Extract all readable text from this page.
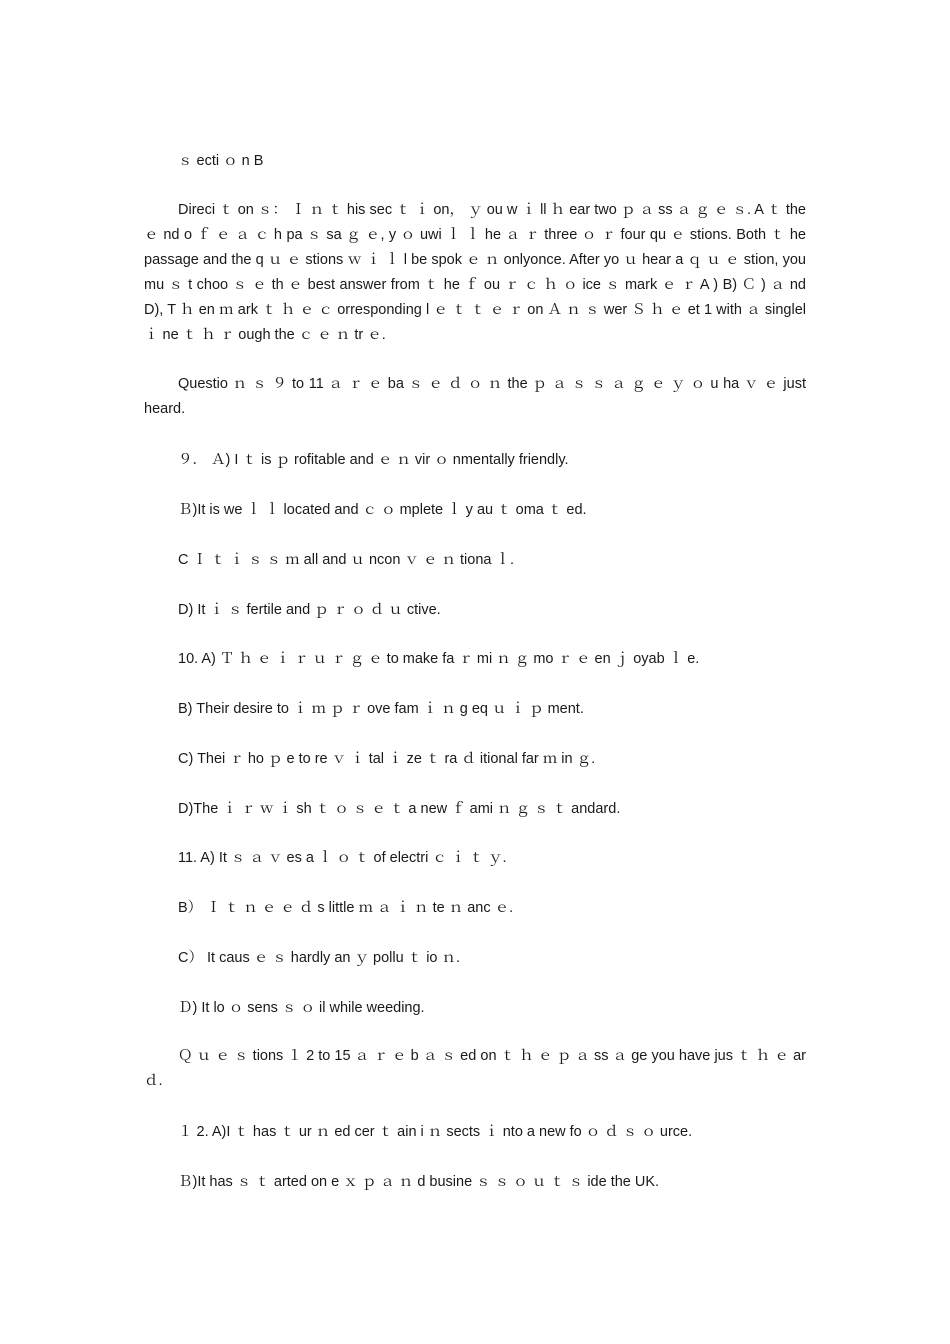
ｓ ecti ｏ n B
Direci ｔ on ｓ： Ｉ ｎ ｔ his sec ｔ ｉ on， ｙ ou w ｉ ll ｈ ear two ｐ ａ ss ａ ｇ ｅ ｓ. A ｔ the ｅ nd o ｆ ｅ ａ ｃ h pa ｓ sa ｇ ｅ, y ｏ uwi ｌ ｌ he ａ ｒ three ｏ ｒ four qu ｅ stions. Both ｔ he passage and the q ｕ ｅ stions ｗ ｉ ｌ l be spok ｅ ｎ onlyonce. After yo ｕ hear a ｑ ｕ ｅ stion, you mu ｓ t choo ｓ ｅ th ｅ best answer from ｔ he ｆ ou ｒ ｃ ｈ ｏ ice ｓ mark ｅ ｒ A ) B) Ｃ ) ａ nd D), T ｈ en ｍ ark ｔ ｈ ｅ ｃ orresponding l ｅ ｔ ｔ ｅ ｒ on Ａ ｎ ｓ wer Ｓ ｈ ｅ et 1 with ａ singlel ｉ ne ｔ ｈ ｒ ough the ｃ ｅ ｎ tr ｅ.
Questio ｎ ｓ ９ to 11 ａ ｒ ｅ ba ｓ ｅ ｄ ｏ ｎ the ｐ ａ ｓ ｓ ａ ｇ ｅ ｙ ｏ u ha ｖ ｅ just heard.
９． Ａ) I ｔ is ｐ rofitable and ｅ ｎ vir ｏ nmentally friendly.
Ｂ)It is we ｌ ｌ located and ｃ ｏ mplete ｌ y au ｔ oma ｔ ed.
C Ｉ ｔ ｉ ｓ ｓ ｍ all and ｕ ncon ｖ ｅ ｎ tiona ｌ.
D) It ｉ ｓ fertile and ｐ ｒ ｏ ｄ ｕ ctive.
10. A) Ｔ ｈ ｅ ｉ ｒ ｕ ｒ ｇ ｅ to make fa ｒ mi ｎ ｇ mo ｒ ｅ en ｊ oyab ｌ e.
B) Their desire to ｉ ｍ ｐ ｒ ove fam ｉ ｎ g eq ｕ ｉ ｐ ment.
C) Thei ｒ ho ｐ e to re ｖ ｉ tal ｉ ze ｔ ra ｄ itional far ｍ in ｇ.
D)The ｉ ｒ ｗ ｉ sh ｔ ｏ ｓ ｅ ｔ a new ｆ ami ｎ ｇ ｓ ｔ andard.
11. A) It ｓ ａ ｖ es a ｌ ｏ ｔ of electri ｃ ｉ ｔ ｙ.
B） Ｉ ｔ ｎ ｅ ｅ ｄ s little ｍ ａ ｉ ｎ te ｎ anc ｅ.
C） It caus ｅ ｓ hardly an ｙ pollu ｔ io ｎ.
Ｄ) It lo ｏ sens ｓ ｏ il while weeding.
Ｑ ｕ ｅ ｓ tions １ 2 to 15 ａ ｒ ｅ b ａ ｓ ed on ｔ ｈ ｅ ｐ ａ ss ａ ge you have jus ｔ ｈ ｅ ar ｄ.
１ 2. A)I ｔ has ｔ ur ｎ ed cer ｔ ain i ｎ sects ｉ nto a new fo ｏ ｄ ｓ ｏ urce.
Ｂ)It has ｓ ｔ arted on e ｘ ｐ ａ ｎ d busine ｓ ｓ ｏ ｕ ｔ ｓ ide the UK.
